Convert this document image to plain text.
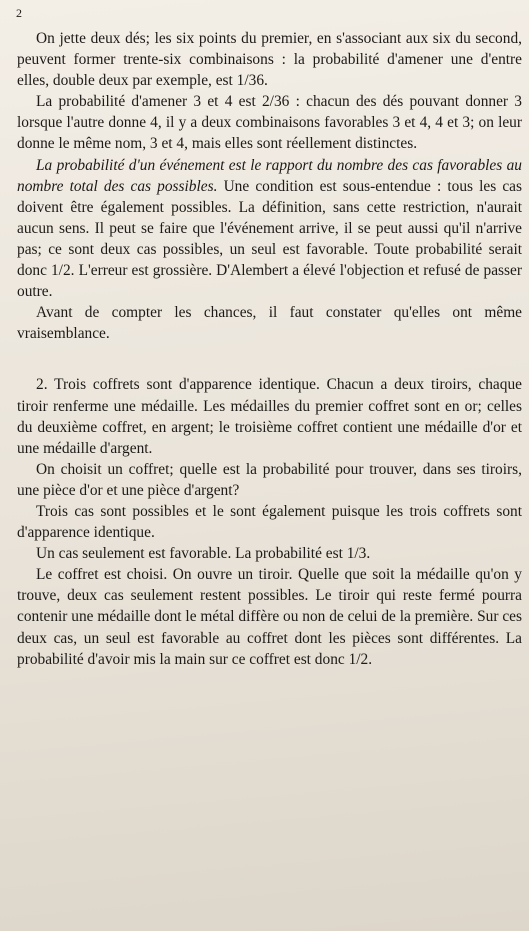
2

On jette deux dés; les six points du premier, en s'associant aux six du second, peuvent former trente-six combinaisons : la probabilité d'amener une d'entre elles, double deux par exemple, est 1/36.

La probabilité d'amener 3 et 4 est 2/36 : chacun des dés pouvant donner 3 lorsque l'autre donne 4, il y a deux combinaisons favorables 3 et 4, 4 et 3; on leur donne le même nom, 3 et 4, mais elles sont réellement distinctes.

La probabilité d'un événement est le rapport du nombre des cas favorables au nombre total des cas possibles. Une condition est sous-entendue : tous les cas doivent être également possibles. La définition, sans cette restriction, n'aurait aucun sens. Il peut se faire que l'événement arrive, il se peut aussi qu'il n'arrive pas; ce sont deux cas possibles, un seul est favorable. Toute probabilité serait donc 1/2. L'erreur est grossière. D'Alembert a élevé l'objection et refusé de passer outre.

Avant de compter les chances, il faut constater qu'elles ont même vraisemblance.

2. Trois coffrets sont d'apparence identique. Chacun a deux tiroirs, chaque tiroir renferme une médaille. Les médailles du premier coffret sont en or; celles du deuxième coffret, en argent; le troisième coffret contient une médaille d'or et une médaille d'argent.

On choisit un coffret; quelle est la probabilité pour trouver, dans ses tiroirs, une pièce d'or et une pièce d'argent?

Trois cas sont possibles et le sont également puisque les trois coffrets sont d'apparence identique.

Un cas seulement est favorable. La probabilité est 1/3.

Le coffret est choisi. On ouvre un tiroir. Quelle que soit la médaille qu'on y trouve, deux cas seulement restent possibles. Le tiroir qui reste fermé pourra contenir une médaille dont le métal diffère ou non de celui de la première. Sur ces deux cas, un seul est favorable au coffret dont les pièces sont différentes. La probabilité d'avoir mis la main sur ce coffret est donc 1/2.
